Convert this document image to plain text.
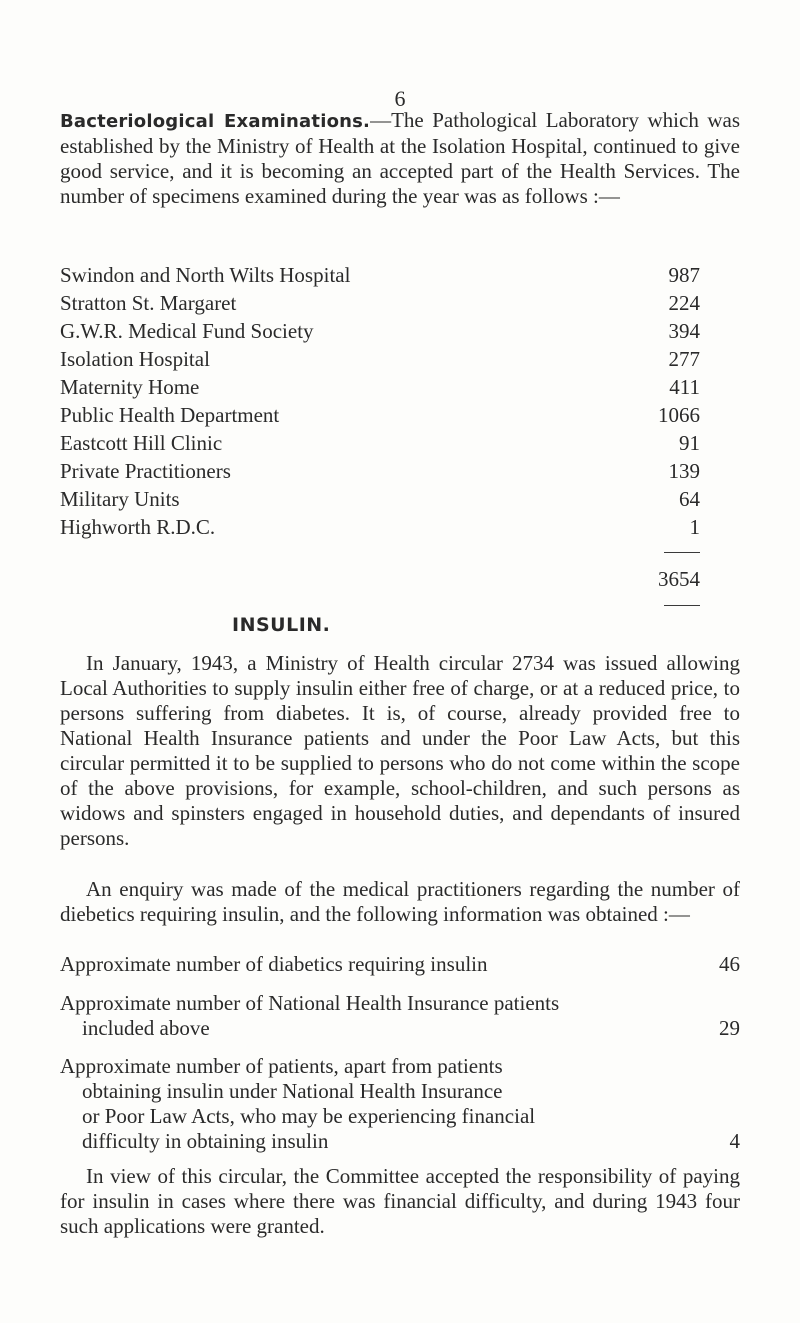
6

Bacteriological Examinations.—The Pathological Laboratory which was established by the Ministry of Health at the Isolation Hospital, continued to give good service, and it is becoming an accepted part of the Health Services. The number of specimens examined during the year was as follows :—

Swindon and North Wilts Hospital	987
Stratton St. Margaret	224
G.W.R. Medical Fund Society	394
Isolation Hospital	277
Maternity Home	411
Public Health Department	1066
Eastcott Hill Clinic	91
Private Practitioners	139
Military Units	64
Highworth R.D.C.	1
3654
INSULIN.

In January, 1943, a Ministry of Health circular 2734 was issued allowing Local Authorities to supply insulin either free of charge, or at a reduced price, to persons suffering from diabetes. It is, of course, already provided free to National Health Insurance patients and under the Poor Law Acts, but this circular permitted it to be supplied to persons who do not come within the scope of the above provisions, for example, school-children, and such persons as widows and spinsters engaged in household duties, and dependants of insured persons.

An enquiry was made of the medical practitioners regarding the number of diebetics requiring insulin, and the following information was obtained :—

Approximate number of diabetics requiring insulin	46
Approximate number of National Health Insurance patients
included above	29
Approximate number of patients, apart from patients
obtaining insulin under National Health Insurance
or Poor Law Acts, who may be experiencing financial
difficulty in obtaining insulin	4

In view of this circular, the Committee accepted the responsibility of paying for insulin in cases where there was financial difficulty, and during 1943 four such applications were granted.
